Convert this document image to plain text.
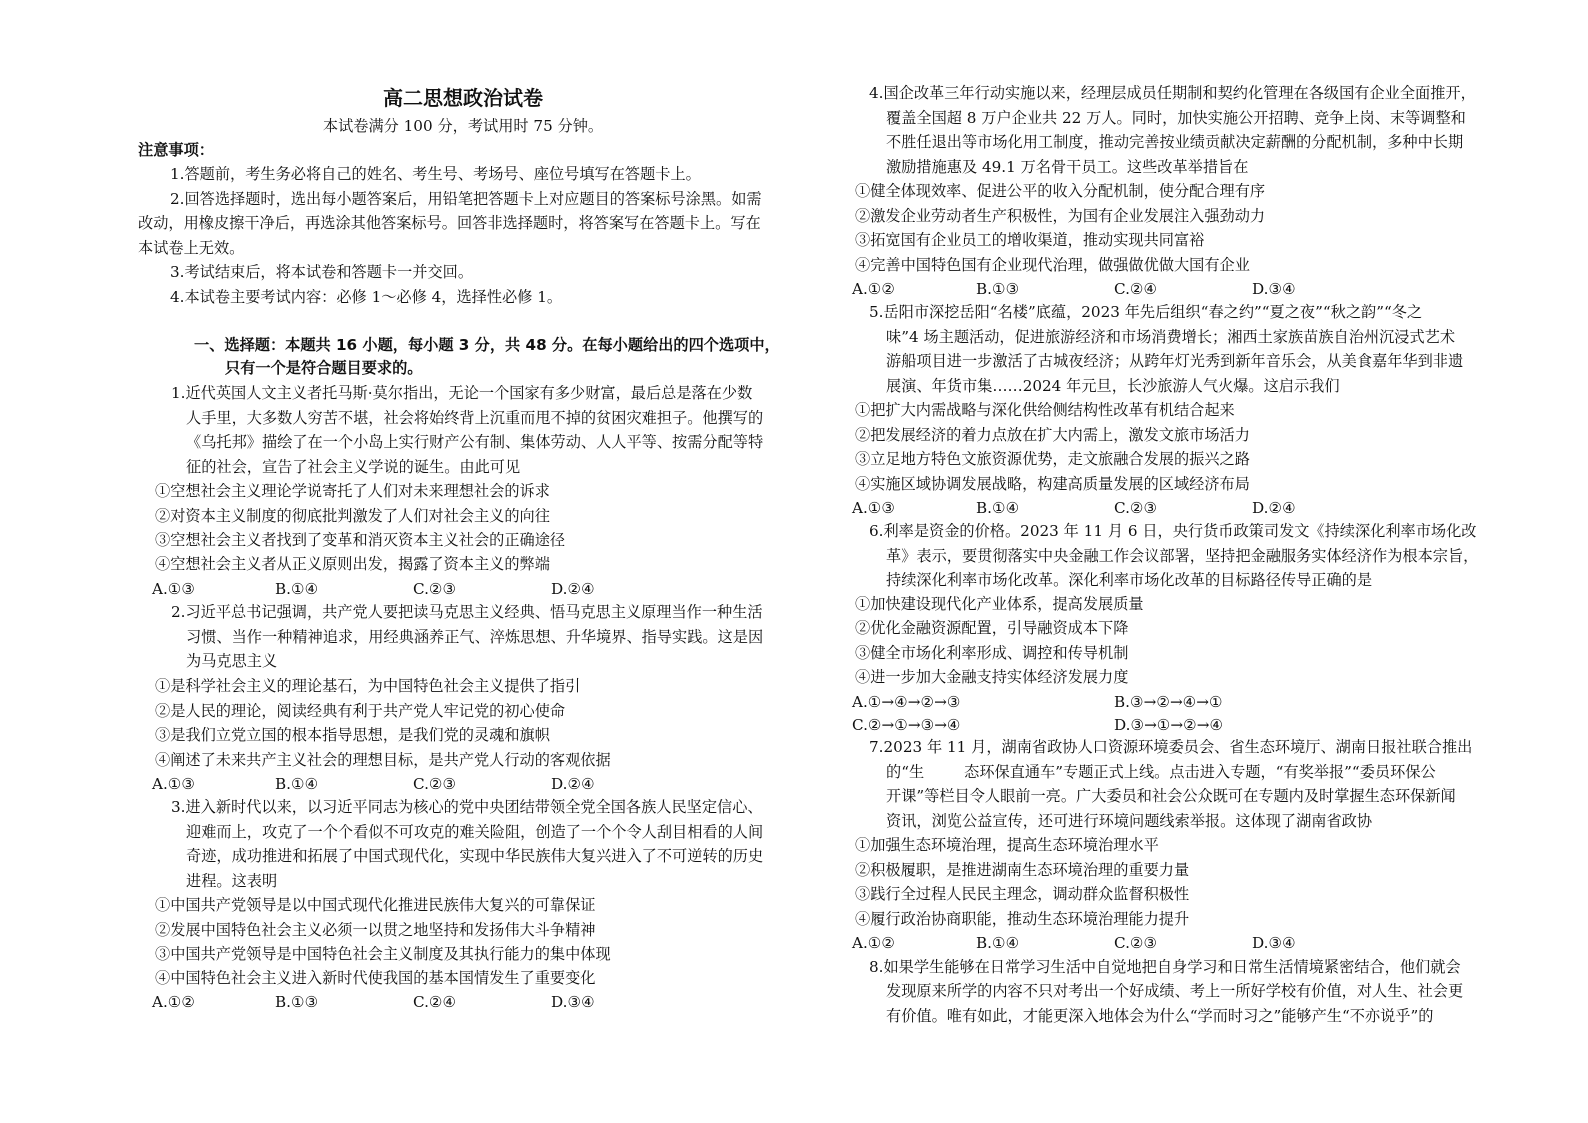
高二思想政治试卷
本试卷满分 100 分，考试用时 75 分钟。
注意事项：
1.答题前，考生务必将自己的姓名、考生号、考场号、座位号填写在答题卡上。
2.回答选择题时，选出每小题答案后，用铅笔把答题卡上对应题目的答案标号涂黑。如需
改动，用橡皮擦干净后，再选涂其他答案标号。回答非选择题时，将答案写在答题卡上。写在
本试卷上无效。
3.考试结束后，将本试卷和答题卡一并交回。
4.本试卷主要考试内容：必修 1～必修 4，选择性必修 1。
一、选择题：本题共 16 小题，每小题 3 分，共 48 分。在每小题给出的四个选项中，
只有一个是符合题目要求的。
1.近代英国人文主义者托马斯·莫尔指出，无论一个国家有多少财富，最后总是落在少数
人手里，大多数人穷苦不堪，社会将始终背上沉重而甩不掉的贫困灾难担子。他撰写的
《乌托邦》描绘了在一个小岛上实行财产公有制、集体劳动、人人平等、按需分配等特
征的社会，宣告了社会主义学说的诞生。由此可见
①空想社会主义理论学说寄托了人们对未来理想社会的诉求
②对资本主义制度的彻底批判激发了人们对社会主义的向往
③空想社会主义者找到了变革和消灭资本主义社会的正确途径
④空想社会主义者从正义原则出发，揭露了资本主义的弊端
A.①③	B.①④	C.②③	D.②④
2.习近平总书记强调，共产党人要把读马克思主义经典、悟马克思主义原理当作一种生活
习惯、当作一种精神追求，用经典涵养正气、淬炼思想、升华境界、指导实践。这是因
为马克思主义
①是科学社会主义的理论基石，为中国特色社会主义提供了指引
②是人民的理论，阅读经典有利于共产党人牢记党的初心使命
③是我们立党立国的根本指导思想，是我们党的灵魂和旗帜
④阐述了未来共产主义社会的理想目标，是共产党人行动的客观依据
A.①③	B.①④	C.②③	D.②④
3.进入新时代以来，以习近平同志为核心的党中央团结带领全党全国各族人民坚定信心、
迎难而上，攻克了一个个看似不可攻克的难关险阻，创造了一个个令人刮目相看的人间
奇迹，成功推进和拓展了中国式现代化，实现中华民族伟大复兴进入了不可逆转的历史
进程。这表明
①中国共产党领导是以中国式现代化推进民族伟大复兴的可靠保证
②发展中国特色社会主义必须一以贯之地坚持和发扬伟大斗争精神
③中国共产党领导是中国特色社会主义制度及其执行能力的集中体现
④中国特色社会主义进入新时代使我国的基本国情发生了重要变化
A.①②	B.①③	C.②④	D.③④
4.国企改革三年行动实施以来，经理层成员任期制和契约化管理在各级国有企业全面推开，
覆盖全国超 8 万户企业共 22 万人。同时，加快实施公开招聘、竞争上岗、末等调整和
不胜任退出等市场化用工制度，推动完善按业绩贡献决定薪酬的分配机制，多种中长期
激励措施惠及 49.1 万名骨干员工。这些改革举措旨在
①健全体现效率、促进公平的收入分配机制，使分配合理有序
②激发企业劳动者生产积极性，为国有企业发展注入强劲动力
③拓宽国有企业员工的增收渠道，推动实现共同富裕
④完善中国特色国有企业现代治理，做强做优做大国有企业
A.①②	B.①③	C.②④	D.③④
5.岳阳市深挖岳阳“名楼”底蕴，2023 年先后组织“春之约”“夏之夜”“秋之韵”“冬之
味”4 场主题活动，促进旅游经济和市场消费增长；湘西土家族苗族自治州沉浸式艺术
游船项目进一步激活了古城夜经济；从跨年灯光秀到新年音乐会，从美食嘉年华到非遗
展演、年货市集……2024 年元旦，长沙旅游人气火爆。这启示我们
①把扩大内需战略与深化供给侧结构性改革有机结合起来
②把发展经济的着力点放在扩大内需上，激发文旅市场活力
③立足地方特色文旅资源优势，走文旅融合发展的振兴之路
④实施区域协调发展战略，构建高质量发展的区域经济布局
A.①③	B.①④	C.②③	D.②④
6.利率是资金的价格。2023 年 11 月 6 日，央行货币政策司发文《持续深化利率市场化改
革》表示，要贯彻落实中央金融工作会议部署，坚持把金融服务实体经济作为根本宗旨，
持续深化利率市场化改革。深化利率市场化改革的目标路径传导正确的是
①加快建设现代化产业体系，提高发展质量
②优化金融资源配置，引导融资成本下降
③健全市场化利率形成、调控和传导机制
④进一步加大金融支持实体经济发展力度
A.①→④→②→③	B.③→②→④→①
C.②→①→③→④	D.③→①→②→④
7.2023 年 11 月，湖南省政协人口资源环境委员会、省生态环境厅、湖南日报社联合推出
的“生	态环保直通车”专题正式上线。点击进入专题，“有奖举报”“委员环保公
开课”等栏目令人眼前一亮。广大委员和社会公众既可在专题内及时掌握生态环保新闻
资讯，浏览公益宣传，还可进行环境问题线索举报。这体现了湖南省政协
①加强生态环境治理，提高生态环境治理水平
②积极履职，是推进湖南生态环境治理的重要力量
③践行全过程人民民主理念，调动群众监督积极性
④履行政治协商职能，推动生态环境治理能力提升
A.①②	B.①④	C.②③	D.③④
8.如果学生能够在日常学习生活中自觉地把自身学习和日常生活情境紧密结合，他们就会
发现原来所学的内容不只对考出一个好成绩、考上一所好学校有价值，对人生、社会更
有价值。唯有如此，才能更深入地体会为什么“学而时习之”能够产生“不亦说乎”的
